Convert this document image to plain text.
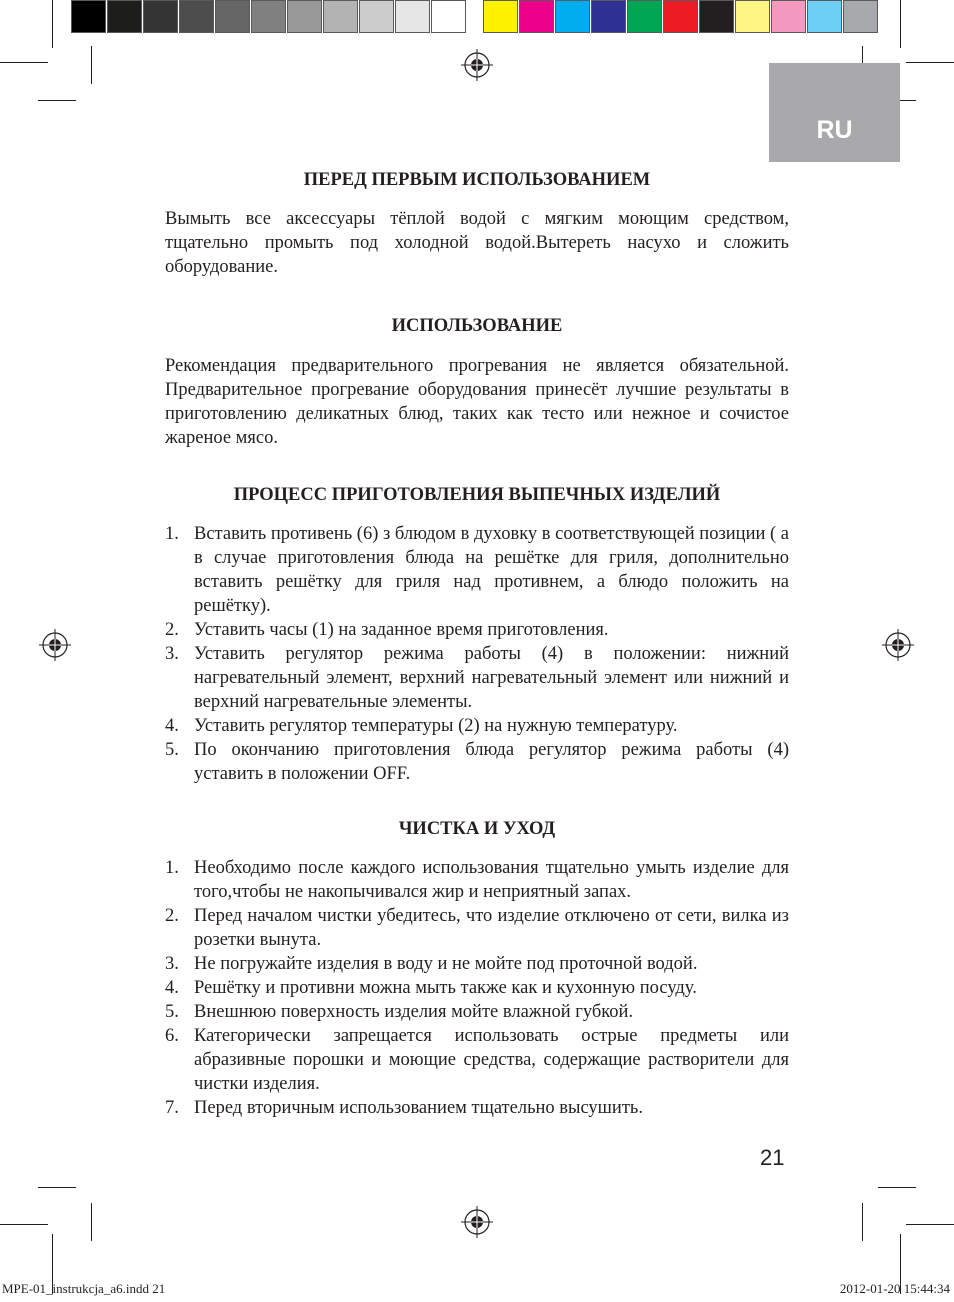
RU
ПЕРЕД ПЕРВЫМ ИСПОЛЬЗОВАНИЕМ

Вымыть все аксессуары тёплой водой с мягким моющим средством, тщательно промыть под холодной водой.Вытереть насухо и сложить оборудование.

ИСПОЛЬЗОВАНИЕ

Рекомендация предварительного прогревания не является обязательной. Предварительное прогревание оборудования принесёт лучшие результаты в приготовлению деликатных блюд, таких как тесто или нежное и сочистое жареное мясо.

ПРОЦЕСС ПРИГОТОВЛЕНИЯ ВЫПЕЧНЫХ ИЗДЕЛИЙ
1. Вставить противень (6) з блюдом в духовку в соответствующей позиции ( а в случае приготовления блюда на решётке для гриля, дополнительно вставить решётку для гриля над противнем, а блюдо положить на решётку).
2. Уставить часы (1) на заданное время приготовления.
3. Уставить регулятор режима работы (4) в положении: нижний нагревательный элемент, верхний нагревательный элемент или нижний и верхний нагревательные элементы.
4. Уставить регулятор температуры (2) на нужную температуру.
5. По окончанию приготовления блюда регулятор режима работы (4) уставить в положении OFF.
ЧИСТКА И УХОД
1. Необходимо после каждого использования тщательно умыть изделие для того,чтобы не накопычивался жир и неприятный запах.
2. Перед началом чистки убедитесь, что изделие отключено от сети, вилка из розетки вынута.
3. Не погружайте изделия в воду и не мойте под проточной водой.
4. Решётку и противни можна мыть также как и кухонную посуду.
5. Внешнюю поверхность изделия мойте влажной губкой.
6. Категорически запрещается использовать острые предметы или абразивные порошки и моющие средства, содержащие растворители для чистки изделия.
7. Перед вторичным использованием тщательно высушить.
21
MPE-01_instrukcja_a6.indd 21	2012-01-20 15:44:34
